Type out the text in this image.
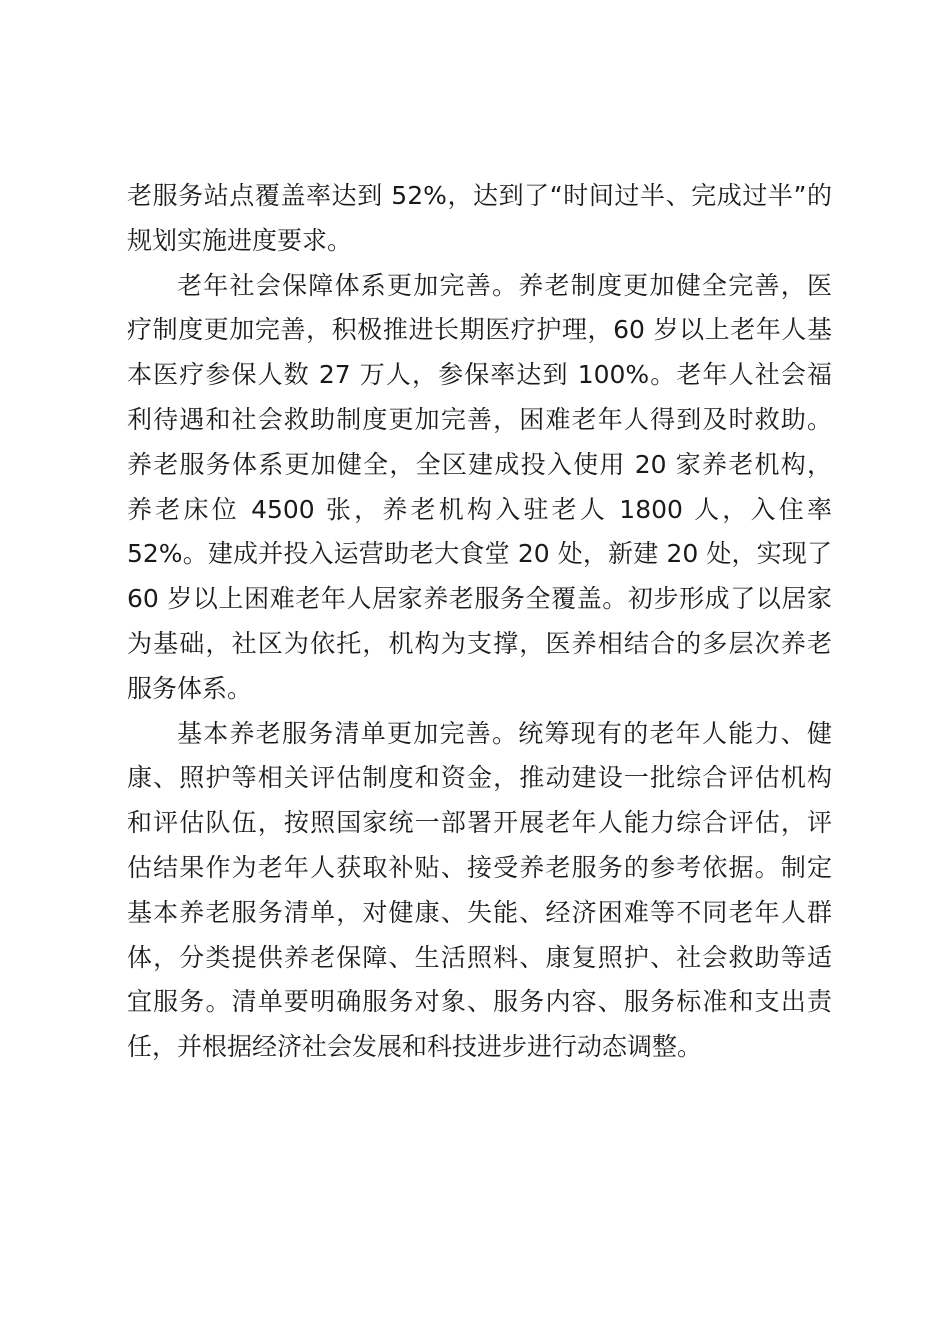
老服务站点覆盖率达到 52%，达到了“时间过半、完成过半”的
规划实施进度要求。
老年社会保障体系更加完善。养老制度更加健全完善，医
疗制度更加完善，积极推进长期医疗护理，60 岁以上老年人基
本医疗参保人数 27 万人，参保率达到 100%。老年人社会福
利待遇和社会救助制度更加完善，困难老年人得到及时救助。
养老服务体系更加健全，全区建成投入使用 20 家养老机构，
养老床位 4500 张，养老机构入驻老人 1800 人，入住率
52%。建成并投入运营助老大食堂 20 处，新建 20 处，实现了
60 岁以上困难老年人居家养老服务全覆盖。初步形成了以居家
为基础，社区为依托，机构为支撑，医养相结合的多层次养老
服务体系。
基本养老服务清单更加完善。统筹现有的老年人能力、健
康、照护等相关评估制度和资金，推动建设一批综合评估机构
和评估队伍，按照国家统一部署开展老年人能力综合评估，评
估结果作为老年人获取补贴、接受养老服务的参考依据。制定
基本养老服务清单，对健康、失能、经济困难等不同老年人群
体，分类提供养老保障、生活照料、康复照护、社会救助等适
宜服务。清单要明确服务对象、服务内容、服务标准和支出责
任，并根据经济社会发展和科技进步进行动态调整。
